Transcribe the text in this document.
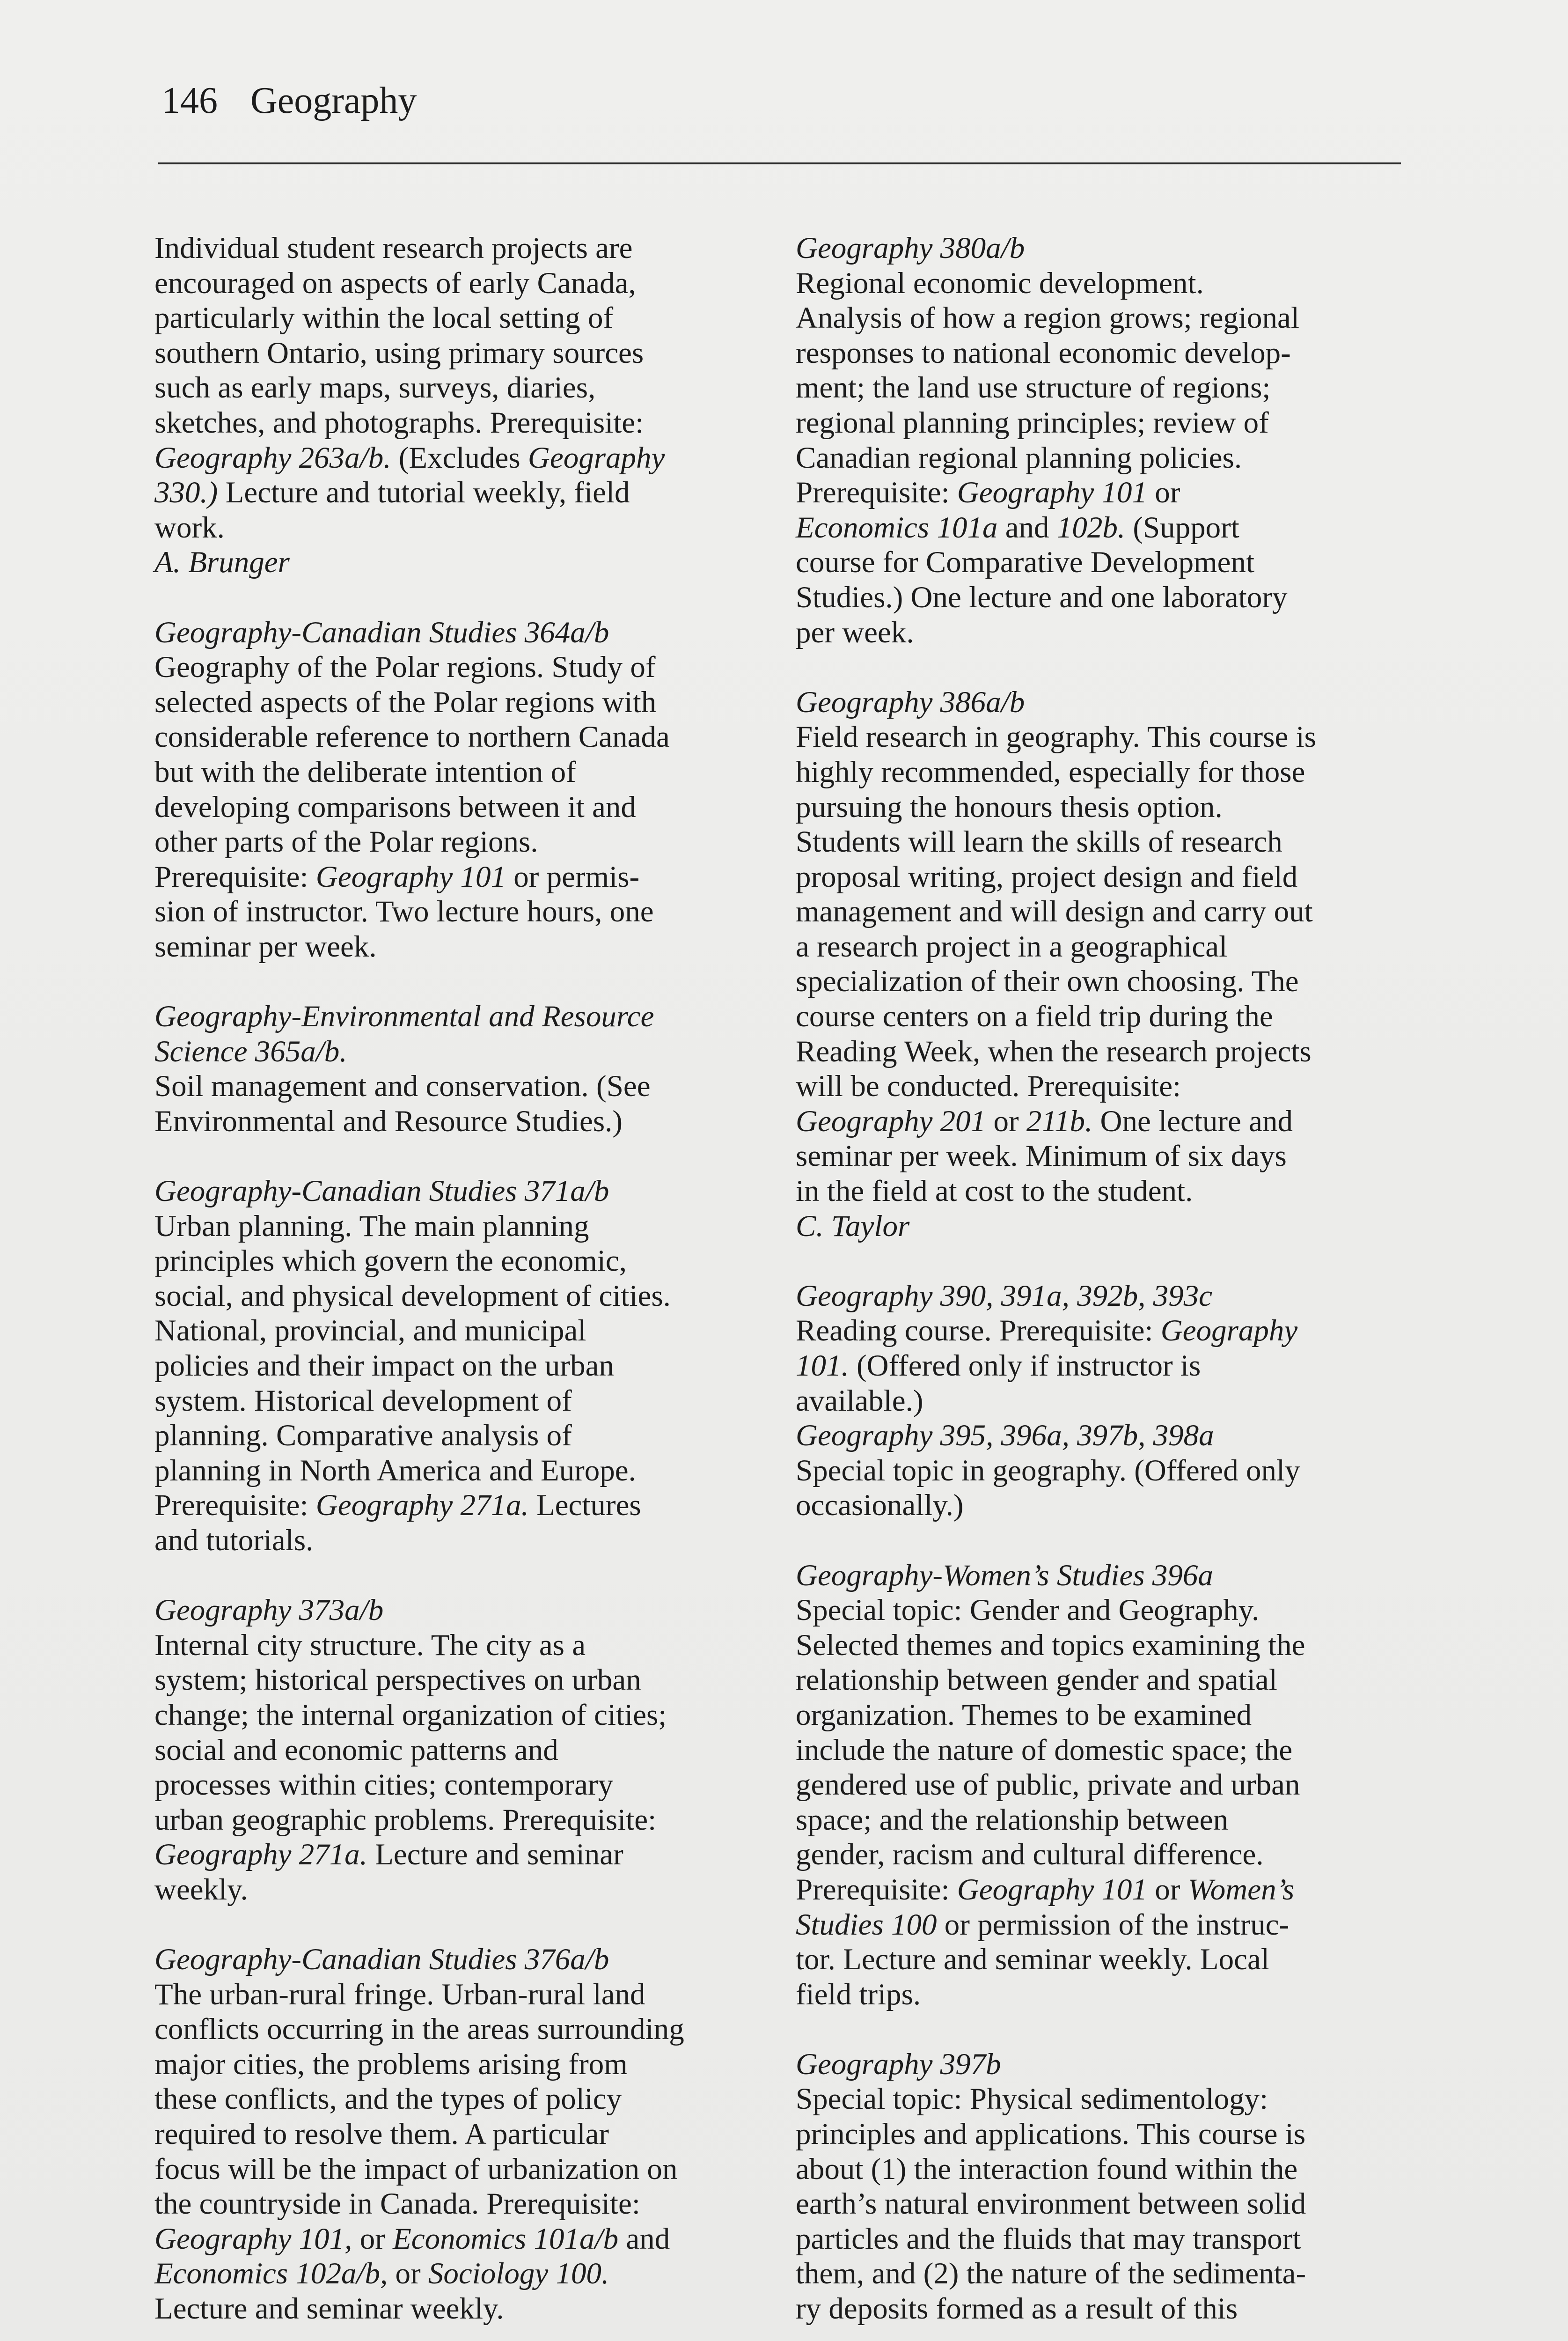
146 Geography
Individual student research projects are
encouraged on aspects of early Canada,
particularly within the local setting of
southern Ontario, using primary sources
such as early maps, surveys, diaries,
sketches, and photographs. Prerequisite:
Geography 263a/b. (Excludes Geography
330.) Lecture and tutorial weekly, field
work.
A. Brunger
Geography-Canadian Studies 364a/b
Geography of the Polar regions. Study of
selected aspects of the Polar regions with
considerable reference to northern Canada
but with the deliberate intention of
developing comparisons between it and
other parts of the Polar regions.
Prerequisite: Geography 101 or permis-
sion of instructor. Two lecture hours, one
seminar per week.
Geography-Environmental and Resource
Science 365a/b.
Soil management and conservation. (See
Environmental and Resource Studies.)
Geography-Canadian Studies 371a/b
Urban planning. The main planning
principles which govern the economic,
social, and physical development of cities.
National, provincial, and municipal
policies and their impact on the urban
system. Historical development of
planning. Comparative analysis of
planning in North America and Europe.
Prerequisite: Geography 271a. Lectures
and tutorials.
Geography 373a/b
Internal city structure. The city as a
system; historical perspectives on urban
change; the internal organization of cities;
social and economic patterns and
processes within cities; contemporary
urban geographic problems. Prerequisite:
Geography 271a. Lecture and seminar
weekly.
Geography-Canadian Studies 376a/b
The urban-rural fringe. Urban-rural land
conflicts occurring in the areas surrounding
major cities, the problems arising from
these conflicts, and the types of policy
required to resolve them. A particular
focus will be the impact of urbanization on
the countryside in Canada. Prerequisite:
Geography 101, or Economics 101a/b and
Economics 102a/b, or Sociology 100.
Lecture and seminar weekly.
Geography 380a/b
Regional economic development.
Analysis of how a region grows; regional
responses to national economic develop-
ment; the land use structure of regions;
regional planning principles; review of
Canadian regional planning policies.
Prerequisite: Geography 101 or
Economics 101a and 102b. (Support
course for Comparative Development
Studies.) One lecture and one laboratory
per week.
Geography 386a/b
Field research in geography. This course is
highly recommended, especially for those
pursuing the honours thesis option.
Students will learn the skills of research
proposal writing, project design and field
management and will design and carry out
a research project in a geographical
specialization of their own choosing. The
course centers on a field trip during the
Reading Week, when the research projects
will be conducted. Prerequisite:
Geography 201 or 211b. One lecture and
seminar per week. Minimum of six days
in the field at cost to the student.
C. Taylor
Geography 390, 391a, 392b, 393c
Reading course. Prerequisite: Geography
101. (Offered only if instructor is
available.)
Geography 395, 396a, 397b, 398a
Special topic in geography. (Offered only
occasionally.)
Geography-Women’s Studies 396a
Special topic: Gender and Geography.
Selected themes and topics examining the
relationship between gender and spatial
organization. Themes to be examined
include the nature of domestic space; the
gendered use of public, private and urban
space; and the relationship between
gender, racism and cultural difference.
Prerequisite: Geography 101 or Women’s
Studies 100 or permission of the instruc-
tor. Lecture and seminar weekly. Local
field trips.
Geography 397b
Special topic: Physical sedimentology:
principles and applications. This course is
about (1) the interaction found within the
earth’s natural environment between solid
particles and the fluids that may transport
them, and (2) the nature of the sedimenta-
ry deposits formed as a result of this
